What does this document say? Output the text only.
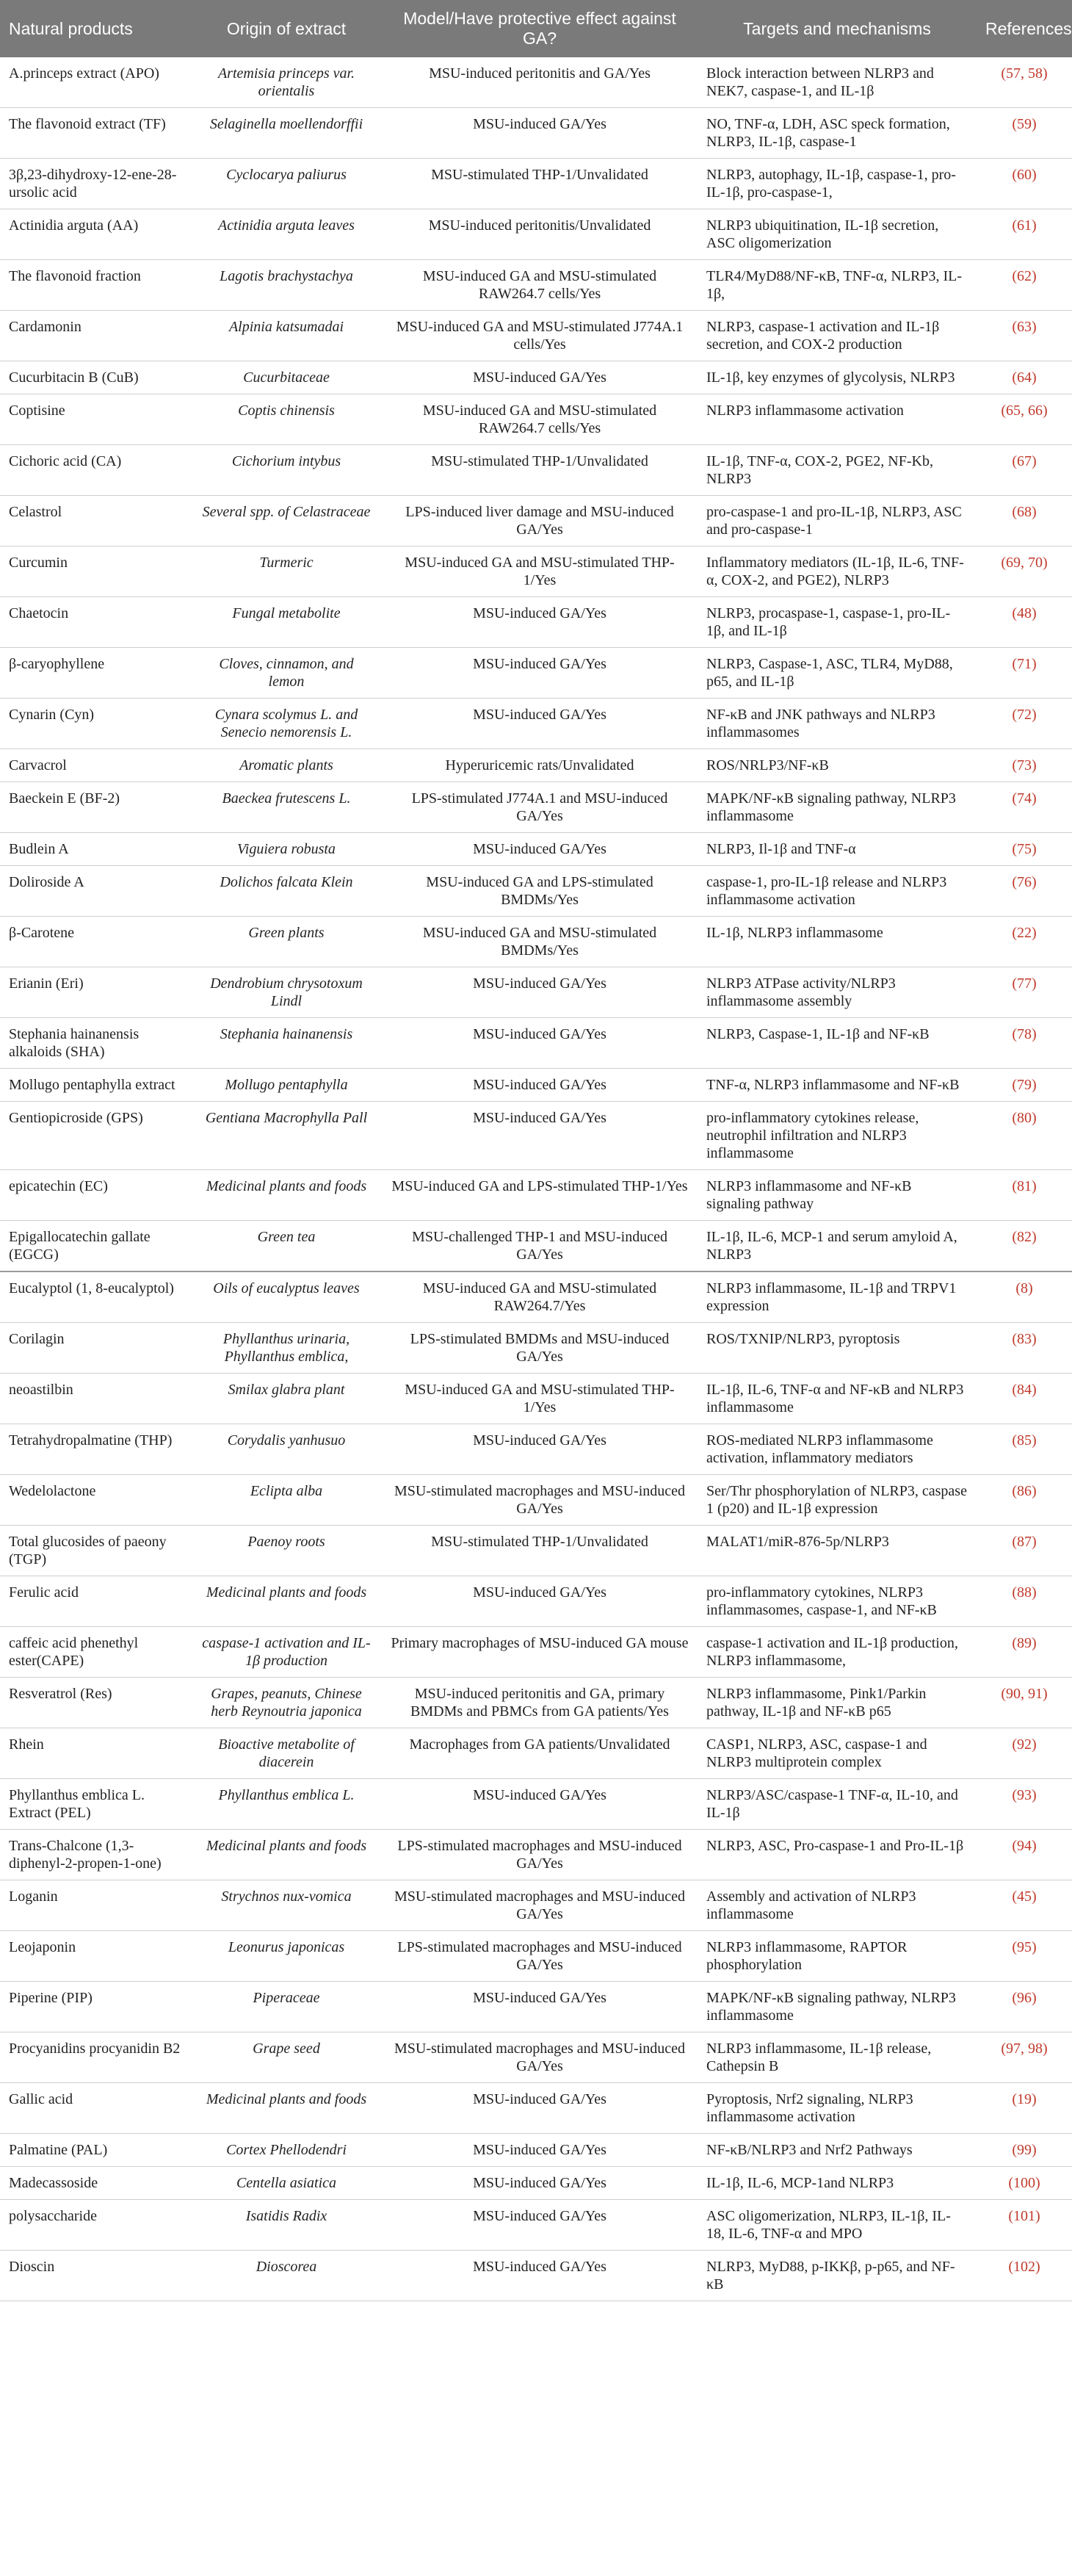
Natural products	Origin of extract	Model/Have protective effect against GA?	Targets and mechanisms	References
A.princeps extract (APO)	Artemisia princeps var. orientalis	MSU-induced peritonitis and GA/Yes	Block interaction between NLRP3 and NEK7, caspase-1, and IL-1β	(57, 58)
The flavonoid extract (TF)	Selaginella moellendorffii	MSU-induced GA/Yes	NO, TNF-α, LDH, ASC speck formation, NLRP3, IL-1β, caspase-1	(59)
3β,23-dihydroxy-12-ene-28-ursolic acid	Cyclocarya paliurus	MSU-stimulated THP-1/Unvalidated	NLRP3, autophagy, IL-1β, caspase-1, pro-IL-1β, pro-caspase-1,	(60)
Actinidia arguta (AA)	Actinidia arguta leaves	MSU-induced peritonitis/Unvalidated	NLRP3 ubiquitination, IL-1β secretion, ASC oligomerization	(61)
The flavonoid fraction	Lagotis brachystachya	MSU-induced GA and MSU-stimulated RAW264.7 cells/Yes	TLR4/MyD88/NF-κB, TNF-α, NLRP3, IL-1β,	(62)
Cardamonin	Alpinia katsumadai	MSU-induced GA and MSU-stimulated J774A.1 cells/Yes	NLRP3, caspase-1 activation and IL-1β secretion, and COX-2 production	(63)
Cucurbitacin B (CuB)	Cucurbitaceae	MSU-induced GA/Yes	IL-1β, key enzymes of glycolysis, NLRP3	(64)
Coptisine	Coptis chinensis	MSU-induced GA and MSU-stimulated RAW264.7 cells/Yes	NLRP3 inflammasome activation	(65, 66)
Cichoric acid (CA)	Cichorium intybus	MSU-stimulated THP-1/Unvalidated	IL-1β, TNF-α, COX-2, PGE2, NF-Kb, NLRP3	(67)
Celastrol	Several spp. of Celastraceae	LPS-induced liver damage and MSU-induced GA/Yes	pro-caspase-1 and pro-IL-1β, NLRP3, ASC and pro-caspase-1	(68)
Curcumin	Turmeric	MSU-induced GA and MSU-stimulated THP-1/Yes	Inflammatory mediators (IL-1β, IL-6, TNF-α, COX-2, and PGE2), NLRP3	(69, 70)
Chaetocin	Fungal metabolite	MSU-induced GA/Yes	NLRP3, procaspase-1, caspase-1, pro-IL-1β, and IL-1β	(48)
β-caryophyllene	Cloves, cinnamon, and lemon	MSU-induced GA/Yes	NLRP3, Caspase-1, ASC, TLR4, MyD88, p65, and IL-1β	(71)
Cynarin (Cyn)	Cynara scolymus L. and Senecio nemorensis L.	MSU-induced GA/Yes	NF-κB and JNK pathways and NLRP3 inflammasomes	(72)
Carvacrol	Aromatic plants	Hyperuricemic rats/Unvalidated	ROS/NRLP3/NF-κB	(73)
Baeckein E (BF-2)	Baeckea frutescens L.	LPS-stimulated J774A.1 and MSU-induced GA/Yes	MAPK/NF-κB signaling pathway, NLRP3 inflammasome	(74)
Budlein A	Viguiera robusta	MSU-induced GA/Yes	NLRP3, Il-1β and TNF-α	(75)
Doliroside A	Dolichos falcata Klein	MSU-induced GA and LPS-stimulated BMDMs/Yes	caspase-1, pro-IL-1β release and NLRP3 inflammasome activation	(76)
β-Carotene	Green plants	MSU-induced GA and MSU-stimulated BMDMs/Yes	IL-1β, NLRP3 inflammasome	(22)
Erianin (Eri)	Dendrobium chrysotoxum Lindl	MSU-induced GA/Yes	NLRP3 ATPase activity/NLRP3 inflammasome assembly	(77)
Stephania hainanensis alkaloids (SHA)	Stephania hainanensis	MSU-induced GA/Yes	NLRP3, Caspase-1, IL-1β and NF-κB	(78)
Mollugo pentaphylla extract	Mollugo pentaphylla	MSU-induced GA/Yes	TNF-α, NLRP3 inflammasome and NF-κB	(79)
Gentiopicroside (GPS)	Gentiana Macrophylla Pall	MSU-induced GA/Yes	pro-inflammatory cytokines release, neutrophil infiltration and NLRP3 inflammasome	(80)
epicatechin (EC)	Medicinal plants and foods	MSU-induced GA and LPS-stimulated THP-1/Yes	NLRP3 inflammasome and NF-κB signaling pathway	(81)
Epigallocatechin gallate (EGCG)	Green tea	MSU-challenged THP-1 and MSU-induced GA/Yes	IL-1β, IL-6, MCP-1 and serum amyloid A, NLRP3	(82)
Eucalyptol (1, 8-eucalyptol)	Oils of eucalyptus leaves	MSU-induced GA and MSU-stimulated RAW264.7/Yes	NLRP3 inflammasome, IL-1β and TRPV1 expression	(8)
Corilagin	Phyllanthus urinaria, Phyllanthus emblica,	LPS-stimulated BMDMs and MSU-induced GA/Yes	ROS/TXNIP/NLRP3, pyroptosis	(83)
neoastilbin	Smilax glabra plant	MSU-induced GA and MSU-stimulated THP-1/Yes	IL-1β, IL-6, TNF-α and NF-κB and NLRP3 inflammasome	(84)
Tetrahydropalmatine (THP)	Corydalis yanhusuo	MSU-induced GA/Yes	ROS-mediated NLRP3 inflammasome activation, inflammatory mediators	(85)
Wedelolactone	Eclipta alba	MSU-stimulated macrophages and MSU-induced GA/Yes	Ser/Thr phosphorylation of NLRP3, caspase 1 (p20) and IL-1β expression	(86)
Total glucosides of paeony (TGP)	Paenoy roots	MSU-stimulated THP-1/Unvalidated	MALAT1/miR-876-5p/NLRP3	(87)
Ferulic acid	Medicinal plants and foods	MSU-induced GA/Yes	pro-inflammatory cytokines, NLRP3 inflammasomes, caspase-1, and NF-κB	(88)
caffeic acid phenethyl ester(CAPE)	caspase-1 activation and IL-1β production	Primary macrophages of MSU-induced GA mouse	caspase-1 activation and IL-1β production, NLRP3 inflammasome,	(89)
Resveratrol (Res)	Grapes, peanuts, Chinese herb Reynoutria japonica	MSU-induced peritonitis and GA, primary BMDMs and PBMCs from GA patients/Yes	NLRP3 inflammasome, Pink1/Parkin pathway, IL-1β and NF-κB p65	(90, 91)
Rhein	Bioactive metabolite of diacerein	Macrophages from GA patients/Unvalidated	CASP1, NLRP3, ASC, caspase-1 and NLRP3 multiprotein complex	(92)
Phyllanthus emblica L. Extract (PEL)	Phyllanthus emblica L.	MSU-induced GA/Yes	NLRP3/ASC/caspase-1 TNF-α, IL-10, and IL-1β	(93)
Trans-Chalcone (1,3-diphenyl-2-propen-1-one)	Medicinal plants and foods	LPS-stimulated macrophages and MSU-induced GA/Yes	NLRP3, ASC, Pro-caspase-1 and Pro-IL-1β	(94)
Loganin	Strychnos nux-vomica	MSU-stimulated macrophages and MSU-induced GA/Yes	Assembly and activation of NLRP3 inflammasome	(45)
Leojaponin	Leonurus japonicas	LPS-stimulated macrophages and MSU-induced GA/Yes	NLRP3 inflammasome, RAPTOR phosphorylation	(95)
Piperine (PIP)	Piperaceae	MSU-induced GA/Yes	MAPK/NF-κB signaling pathway, NLRP3 inflammasome	(96)
Procyanidins procyanidin B2	Grape seed	MSU-stimulated macrophages and MSU-induced GA/Yes	NLRP3 inflammasome, IL-1β release, Cathepsin B	(97, 98)
Gallic acid	Medicinal plants and foods	MSU-induced GA/Yes	Pyroptosis, Nrf2 signaling, NLRP3 inflammasome activation	(19)
Palmatine (PAL)	Cortex Phellodendri	MSU-induced GA/Yes	NF-κB/NLRP3 and Nrf2 Pathways	(99)
Madecassoside	Centella asiatica	MSU-induced GA/Yes	IL-1β, IL-6, MCP-1and NLRP3	(100)
polysaccharide	Isatidis Radix	MSU-induced GA/Yes	ASC oligomerization, NLRP3, IL-1β, IL-18, IL-6, TNF-α and MPO	(101)
Dioscin	Dioscorea	MSU-induced GA/Yes	NLRP3, MyD88, p-IKKβ, p-p65, and NF-κB	(102)
